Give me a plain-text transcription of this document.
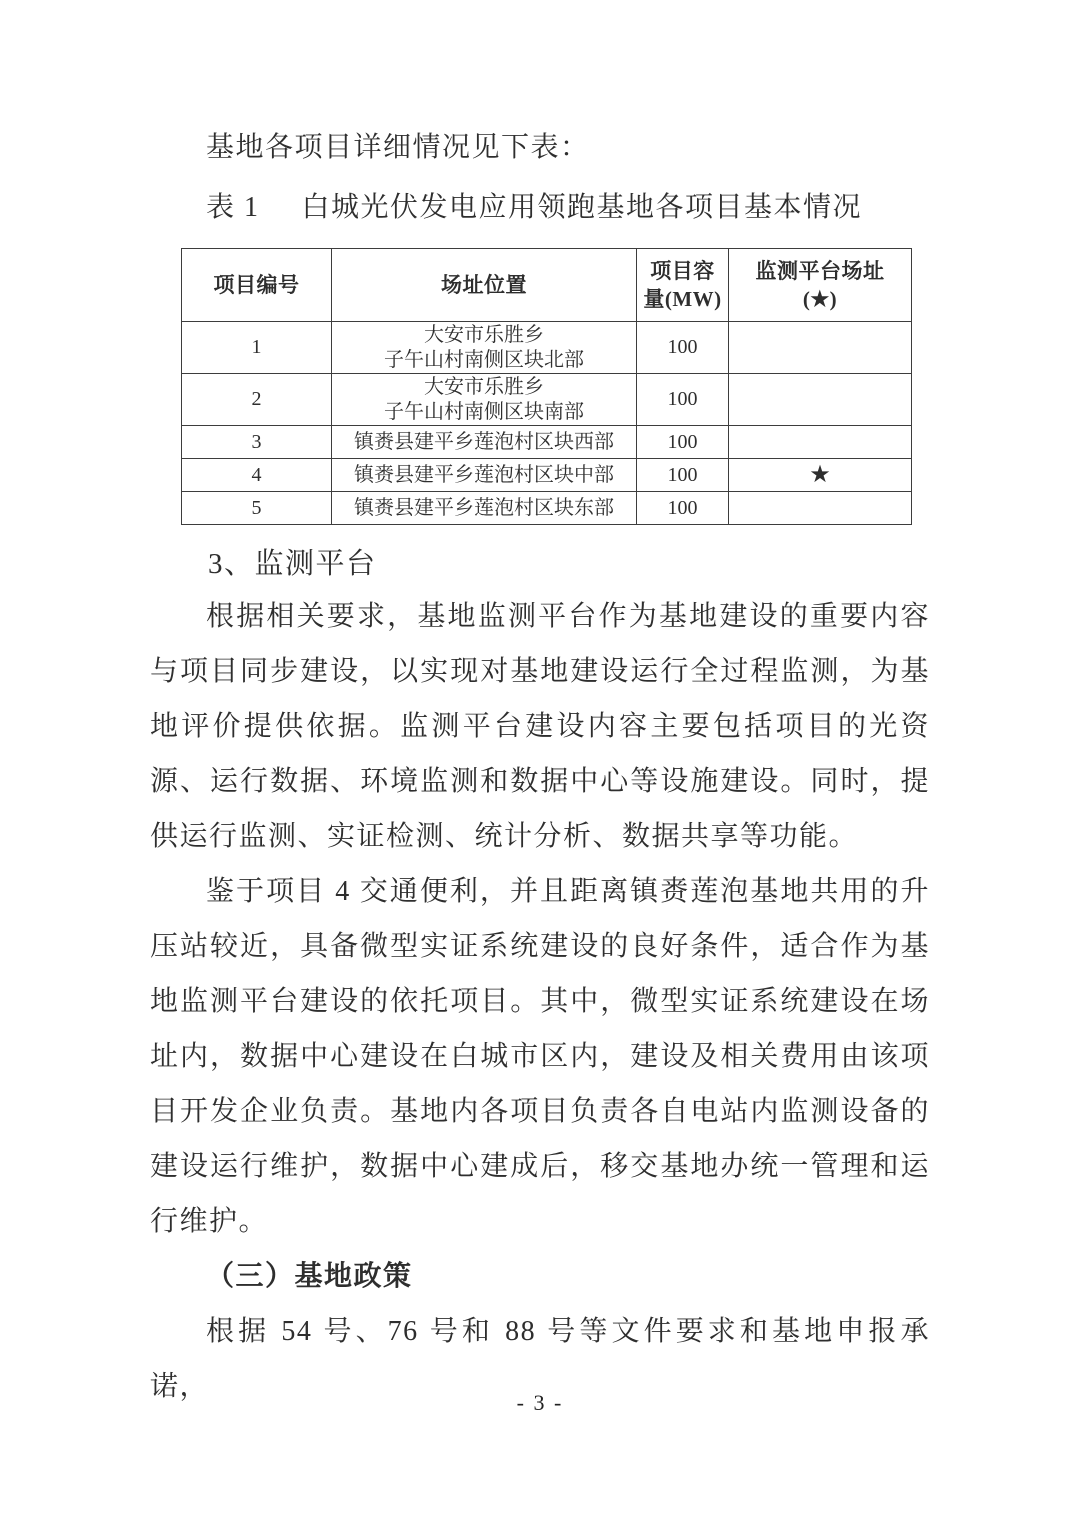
基地各项目详细情况见下表：

表 1 白城光伏发电应用领跑基地各项目基本情况
项目编号	场址位置	项目容
量(MW)	监测平台场址
(★)

1	大安市乐胜乡
子午山村南侧区块北部	100	
2	大安市乐胜乡
子午山村南侧区块南部	100	
3	镇赉县建平乡莲泡村区块西部	100	
4	镇赉县建平乡莲泡村区块中部	100	★
5	镇赉县建平乡莲泡村区块东部	100	

3、监测平台

根据相关要求，基地监测平台作为基地建设的重要内容与项目同步建设，以实现对基地建设运行全过程监测，为基地评价提供依据。监测平台建设内容主要包括项目的光资源、运行数据、环境监测和数据中心等设施建设。同时，提供运行监测、实证检测、统计分析、数据共享等功能。

鉴于项目 4 交通便利，并且距离镇赉莲泡基地共用的升压站较近，具备微型实证系统建设的良好条件，适合作为基地监测平台建设的依托项目。其中，微型实证系统建设在场址内，数据中心建设在白城市区内，建设及相关费用由该项目开发企业负责。基地内各项目负责各自电站内监测设备的建设运行维护，数据中心建成后，移交基地办统一管理和运行维护。

（三）基地政策

根据 54 号、76 号和 88 号等文件要求和基地申报承诺，

- 3 -
